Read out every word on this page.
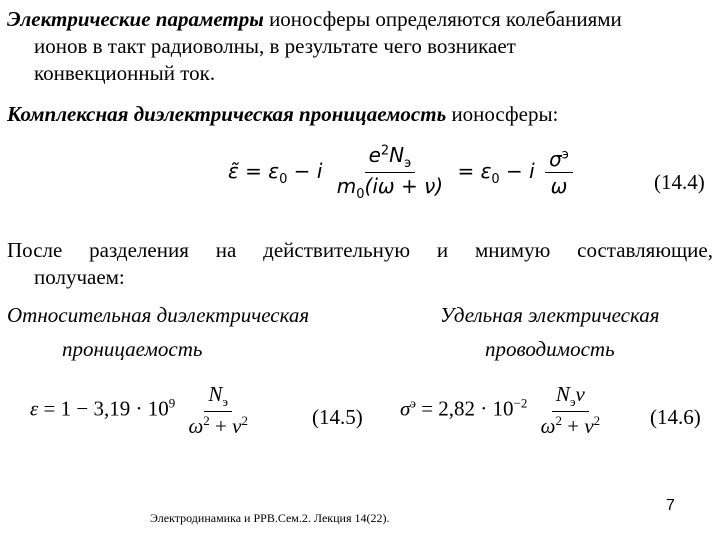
Электрические параметры ионосферы определяются колебаниями
ионов в такт радиоволны, в результате чего возникает
конвекционный ток.
Комплексная диэлектрическая проницаемость ионосферы:
ε̃ = $\varepsilon_0 - i \frac{e^2N_э}{m_0(i\omega + \nu)} = \varepsilon_0 - i \frac{\sigma^э}{\omega}$	(14.4)
После разделения на действительную и мнимую составляющие,
получаем:
Относительная диэлектрическая
проницаемость
Удельная электрическая
проводимость
$\varepsilon = 1 - 3,19 \cdot 10^9 \frac{N_э}{\omega^2 + \nu^2}$	(14.5) $\sigma^э = 2,82 \cdot 10^{-2} \frac{N_э\nu}{\omega^2 + \nu^2} (14.6)$
Электродинамика и РРВ.Сем.2. Лекция 14(22).
7
